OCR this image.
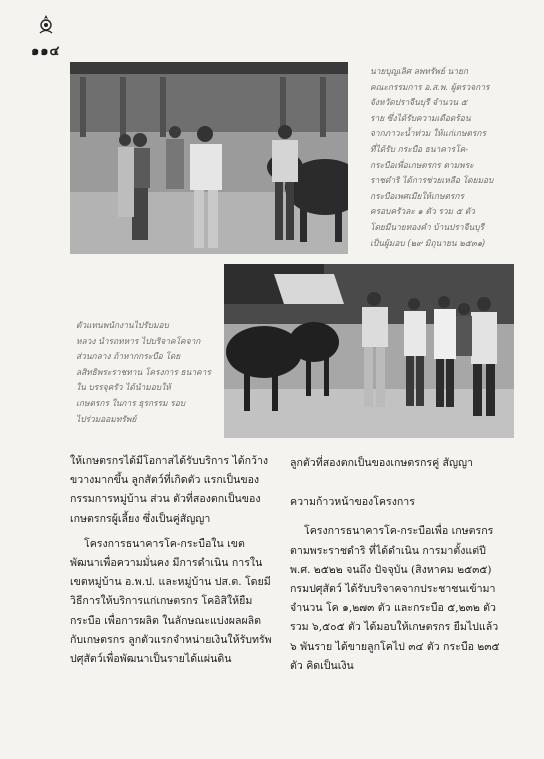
๑๑๔
นายบุญเลิศ ลพทรัพย์ นายก
คณะกรรมการ อ.ส.พ. ผู้ตรวจการ
จังหวัดปราจีนบุรี จำนวน ๕
ราย ซึ่งได้รับความเดือดร้อน
จากภาวะน้ำท่วม ให้แก่เกษตรกร
ที่ได้รับ กระบือ ธนาคารโค-
กระบือเพื่อเกษตรกร ตามพระ
ราชดำริ ได้การช่วยเหลือ โดยมอบ
กระบือเพศเมียให้เกษตรกร
ครอบครัวละ ๑ ตัว รวม ๕ ตัว
โดยมีนายทองคำ บ้านปราจีนบุรี
เป็นผู้มอบ (๒๙ มิถุนายน ๒๕๓๑)
ตัวแทนพนักงานไปรับมอบ
หลวง นำรถทหาร ไปบริจาคโคจาก
ส่วนกลาง ถ้าหากกระบือ โดย
ลสิทธิพระราชทาน โครงการ ธนาคาร
ใน บรรจุครัว ได้นำมอบให้
เกษตรกร ในการ ธุรกรรม รอบ
ไปร่วมออมทรัพย์

ให้เกษตรกรได้มีโอกาสได้รับบริการ ได้กว้างขวางมากขึ้น ลูกสัตว์ที่เกิดตัว แรกเป็นของกรรมการหมู่บ้าน ส่วน ตัวที่สองตกเป็นของเกษตรกรผู้เลี้ยง ซึ่งเป็นคู่สัญญา

โครงการธนาคารโค-กระบือใน เขตพัฒนาเพื่อความมั่นคง มีการดำเนิน การในเขตหมู่บ้าน อ.พ.ป. และหมู่บ้าน ปส.ต. โดยมีวิธีการให้บริการแก่เกษตรกร โคอิสิให้ยืม กระบือ เพื่อการผลิต ในลักษณะแบ่งผลผลิตกับเกษตรกร ลูกตัวแรกจำหน่ายเงินให้รับทรัพ ปศุสัตว์เพื่อพัฒนาเป็นรายได้แผ่นดิน

ลูกตัวที่สองตกเป็นของเกษตรกรคู่ สัญญา

ความก้าวหน้าของโครงการ

โครงการธนาคารโค-กระบือเพื่อ เกษตรกรตามพระราชดำริ ที่ได้ดำเนิน การมาตั้งแต่ปี พ.ศ. ๒๕๒๒ จนถึง ปัจจุบัน (สิงหาคม ๒๕๓๕) กรมปศุสัตว์ ได้รับบริจาคจากประชาชนเข้ามาจำนวน โค ๑,๒๗๓ ตัว และกระบือ ๕,๒๓๒ ตัว รวม ๖,๕๐๕ ตัว ได้มอบให้เกษตรกร ยืมไปแล้ว ๖ พันราย ได้ขายลูกโคไป ๓๔ ตัว กระบือ ๒๓๕ ตัว คิดเป็นเงิน
